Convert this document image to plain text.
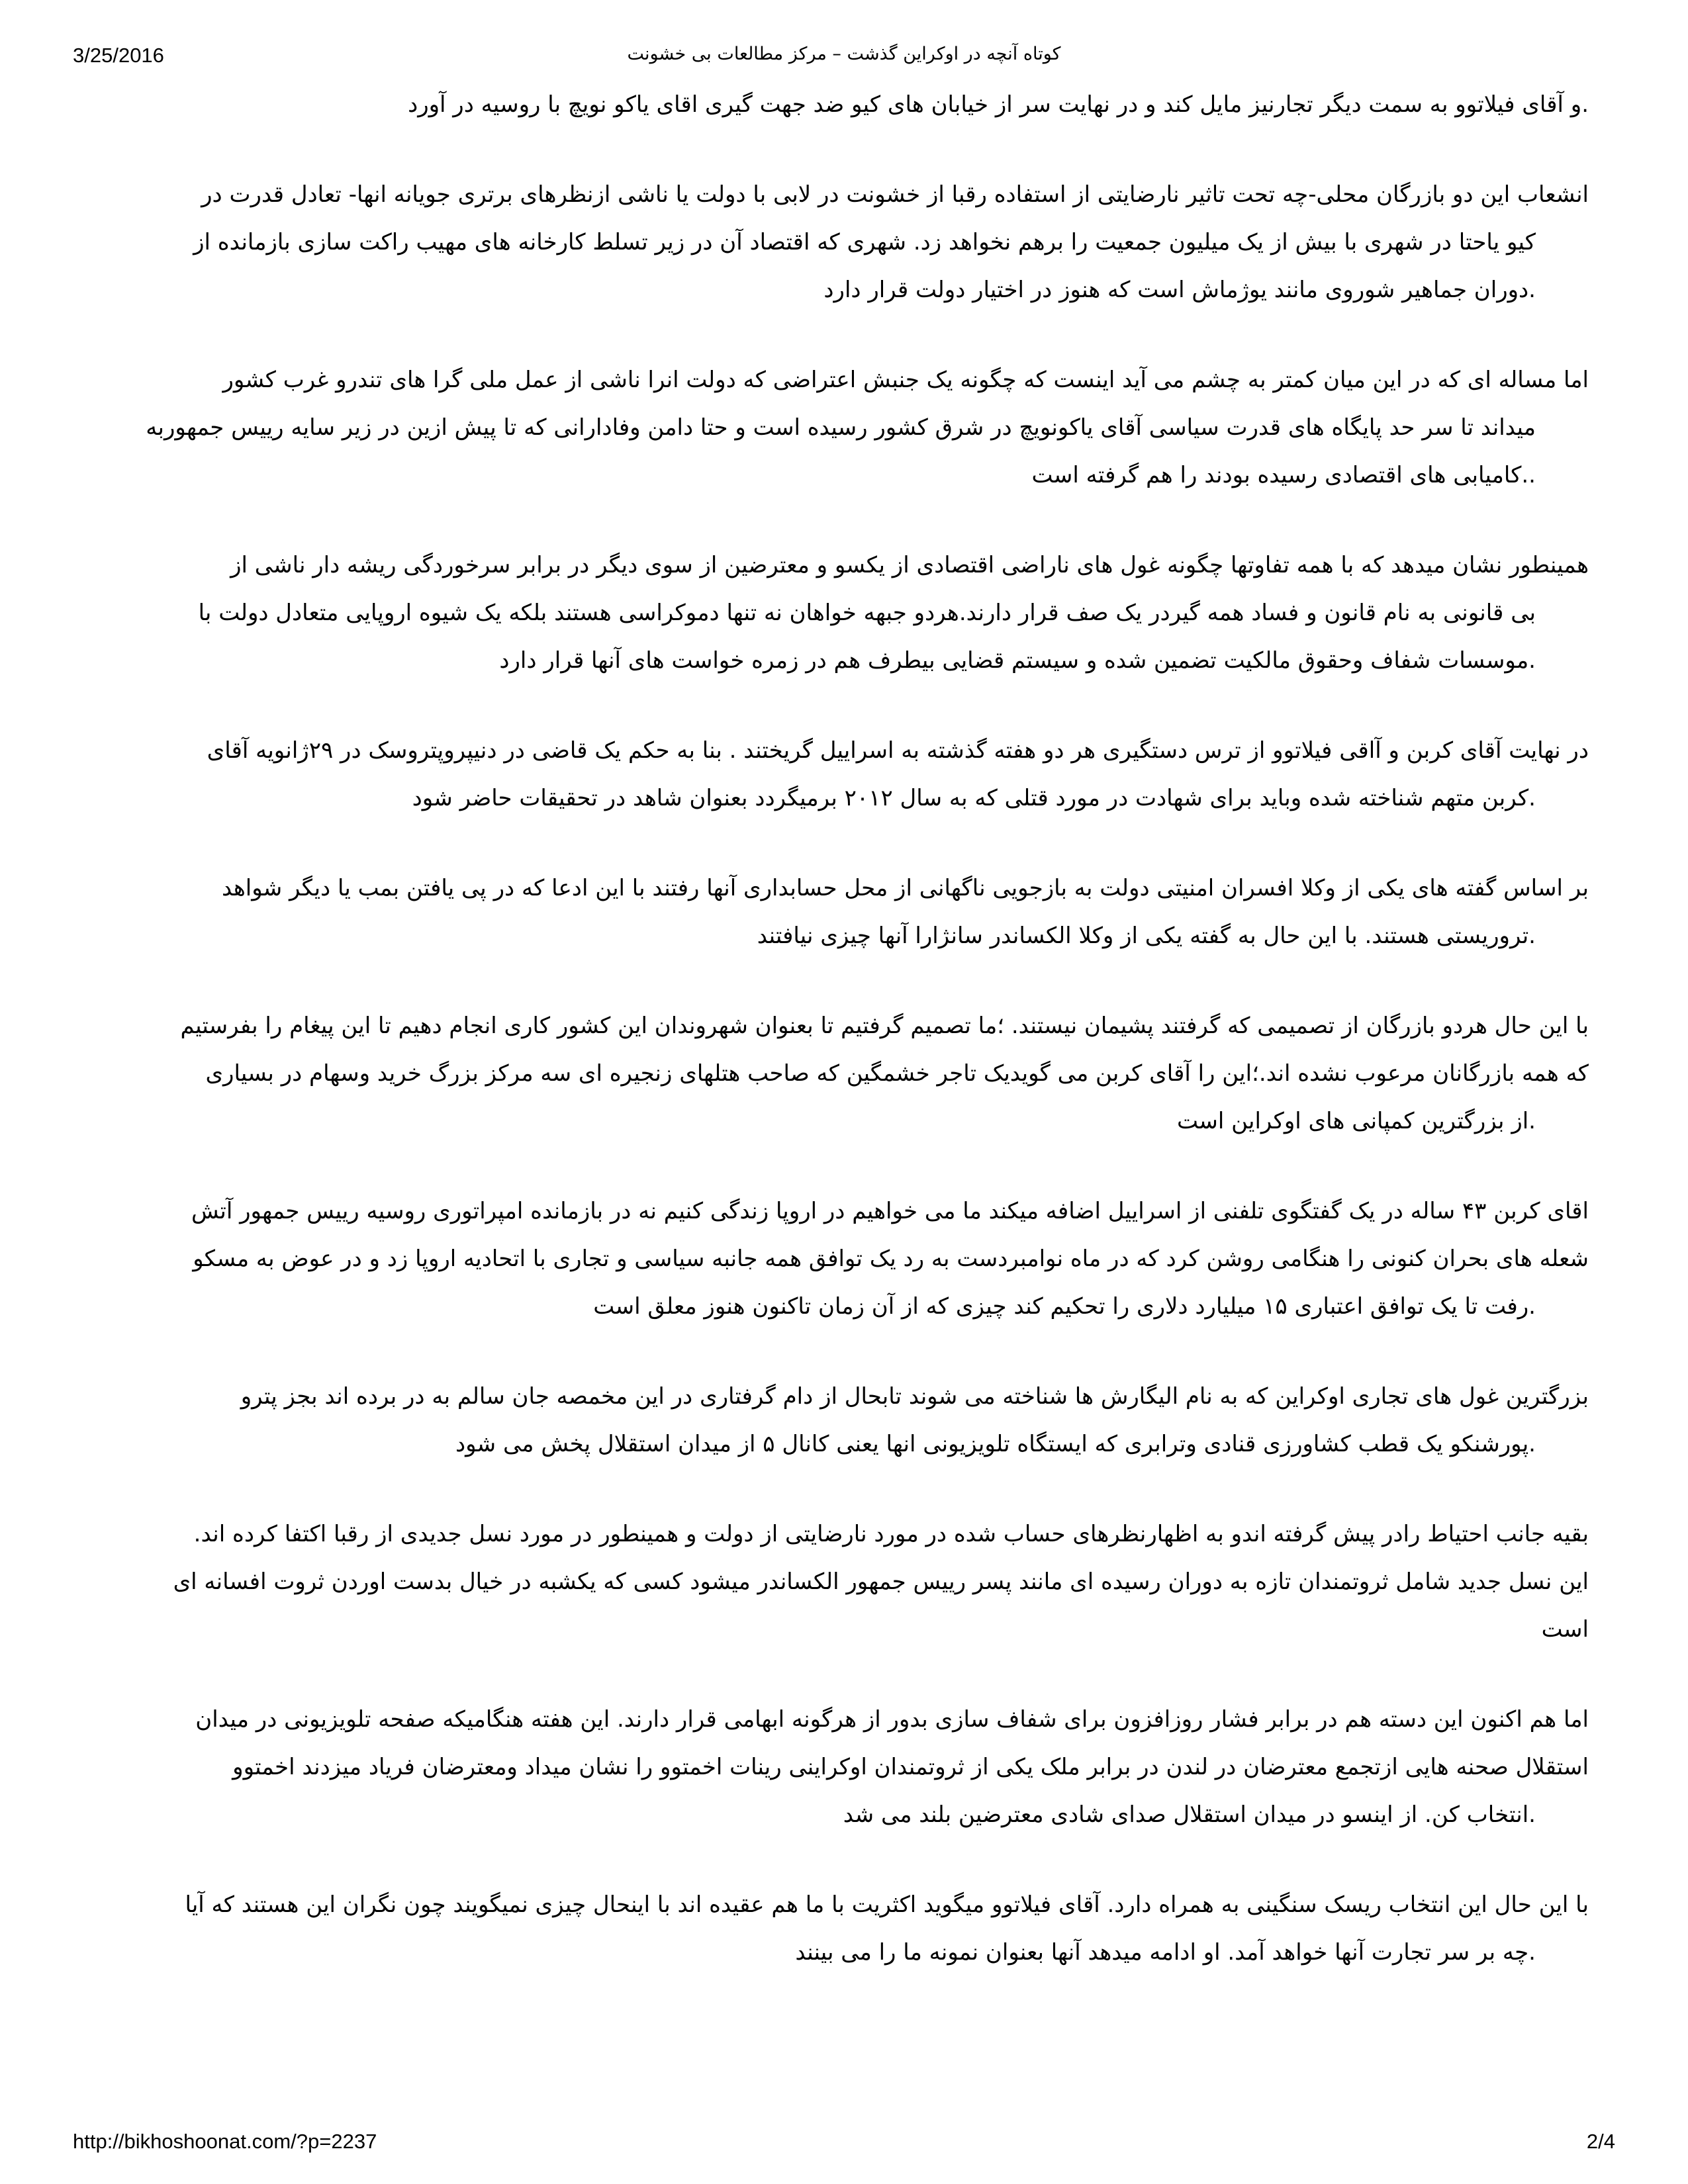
3/25/2016	کوتاه آنچه در اوکراین گذشت – مرکز مطالعات بی خشونت

.و آقای فیلاتوو به سمت دیگر تجارنیز مایل کند و در نهایت سر از خیابان های کیو ضد جهت گیری اقای یاکو نویچ با روسیه در آورد

انشعاب این دو بازرگان محلی-چه تحت تاثیر نارضایتی از استفاده رقبا از خشونت در لابی با دولت یا ناشی ازنظرهای برتری جویانه انها- تعادل قدرت در
کیو یاحتا در شهری با بیش از یک میلیون جمعیت را برهم نخواهد زد. شهری که اقتصاد آن در زیر تسلط کارخانه های مهیب راکت سازی بازمانده از
.دوران جماهیر شوروی مانند یوژماش است که هنوز در اختیار دولت قرار دارد

اما مساله ای که در این میان کمتر به چشم می آید اینست که چگونه یک جنبش اعتراضی که دولت انرا ناشی از عمل ملی گرا های تندرو غرب کشور
میداند تا سر حد پایگاه های قدرت سیاسی آقای یاکونویچ در شرق کشور رسیده است و حتا دامن وفادارانی که تا پیش ازین در زیر سایه رییس جمهوربه
..کامیابی های اقتصادی رسیده بودند را هم گرفته است

همینطور نشان میدهد که با همه تفاوتها چگونه غول های ناراضی اقتصادی از یکسو و معترضین از سوی دیگر در برابر سرخوردگی ریشه دار ناشی از
بی قانونی به نام قانون و فساد همه گیردر یک صف قرار دارند.هردو جبهه خواهان نه تنها دموکراسی هستند بلکه یک شیوه اروپایی متعادل دولت با
.موسسات شفاف وحقوق مالکیت تضمین شده و سیستم قضایی بیطرف هم در زمره خواست های آنها قرار دارد

در نهایت آقای کربن و آاقی فیلاتوو از ترس دستگیری هر دو هفته گذشته به اسراییل گریختند . بنا به حکم یک قاضی در دنیپروپتروسک در ۲۹ژانویه آقای
.کربن متهم شناخته شده وباید برای شهادت در مورد قتلی که به سال ۲۰۱۲ برمیگردد بعنوان شاهد در تحقیقات حاضر شود

بر اساس گفته های یکی از وکلا افسران امنیتی دولت به بازجویی ناگهانی از محل حسابداری آنها رفتند با این ادعا که در پی یافتن بمب یا دیگر شواهد
.تروریستی هستند. با این حال به گفته یکی از وکلا الکساندر سانژارا آنها چیزی نیافتند

با این حال هردو بازرگان از تصمیمی که گرفتند پشیمان نیستند. ؛ما تصمیم گرفتیم تا بعنوان شهروندان این کشور کاری انجام دهیم تا این پیغام را بفرستیم
که همه بازرگانان مرعوب نشده اند.؛این را آقای کربن می گویدیک تاجر خشمگین که صاحب هتلهای زنجیره ای سه مرکز بزرگ خرید وسهام در بسیاری
.از بزرگترین کمپانی های اوکراین است

اقای کربن ۴۳ ساله در یک گفتگوی تلفنی از اسراییل اضافه میکند ما می خواهیم در اروپا زندگی کنیم نه در بازمانده امپراتوری روسیه رییس جمهور آتش
شعله های بحران کنونی را هنگامی روشن کرد که در ماه نوامبردست به رد یک توافق همه جانبه سیاسی و تجاری با اتحادیه اروپا زد و در عوض به مسکو
.رفت تا یک توافق اعتباری ۱۵ میلیارد دلاری را تحکیم کند چیزی که از آن زمان تاکنون هنوز معلق است

بزرگترین غول های تجاری اوکراین که به نام الیگارش ها شناخته می شوند تابحال از دام گرفتاری در این مخمصه جان سالم به در برده اند بجز پترو
.پورشنکو یک قطب کشاورزی قنادی وترابری که ایستگاه تلویزیونی انها یعنی کانال ۵ از میدان استقلال پخش می شود

بقیه جانب احتیاط رادر پیش گرفته اندو به اظهارنظرهای حساب شده در مورد نارضایتی از دولت و همینطور در مورد نسل جدیدی از رقبا اکتفا کرده اند.
این نسل جدید شامل ثروتمندان تازه به دوران رسیده ای مانند پسر رییس جمهور الکساندر میشود کسی که یکشبه در خیال بدست اوردن ثروت افسانه ای
است

اما هم اکنون این دسته هم در برابر فشار روزافزون برای شفاف سازی بدور از هرگونه ابهامی قرار دارند. این هفته هنگامیکه صفحه تلویزیونی در میدان
استقلال صحنه هایی ازتجمع معترضان در لندن در برابر ملک یکی از ثروتمندان اوکراینی رینات اخمتوو را نشان میداد ومعترضان فریاد میزدند اخمتوو
.انتخاب کن. از اینسو در میدان استقلال صدای شادی معترضین بلند می شد

با این حال این انتخاب ریسک سنگینی به همراه دارد. آقای فیلاتوو میگوید اکثریت با ما هم عقیده اند با اینحال چیزی نمیگویند چون نگران این هستند که آیا
.چه بر سر تجارت آنها خواهد آمد. او ادامه میدهد آنها بعنوان نمونه ما را می بینند

http://bikhoshoonat.com/?p=2237	2/4
